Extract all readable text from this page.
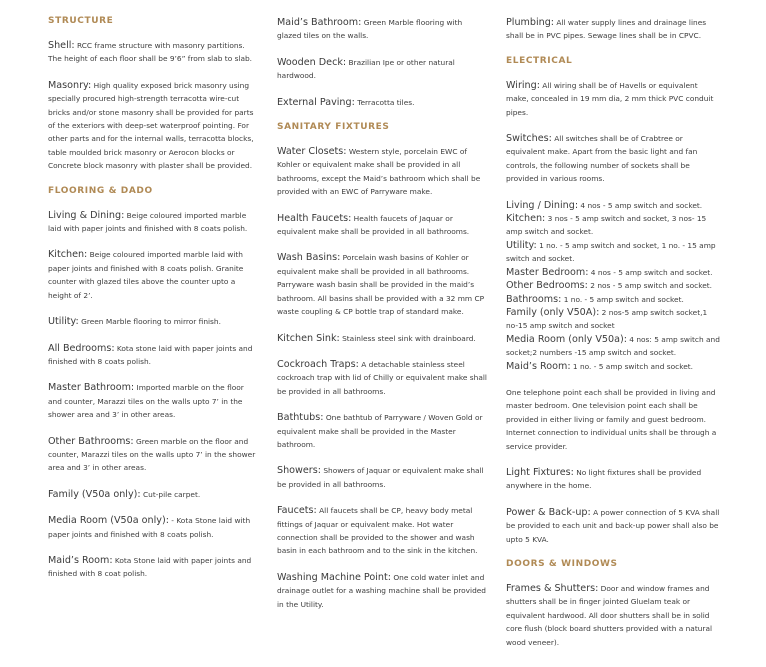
STRUCTURE
Shell: RCC frame structure with masonry partitions. The height of each floor shall be 9’6” from slab to slab.
Masonry: High quality exposed brick masonry using specially procured high-strength terracotta wire-cut bricks and/or stone masonry shall be provided for parts of the exteriors with deep-set waterproof pointing. For other parts and for the internal walls, terracotta blocks, table moulded brick masonry or Aerocon blocks or Concrete block masonry with plaster shall be provided.
FLOORING & DADO
Living & Dining: Beige coloured imported marble laid with paper joints and finished with 8 coats polish.
Kitchen: Beige coloured imported marble laid with paper joints and finished with 8 coats polish. Granite counter with glazed tiles above the counter upto a height of 2’.
Utility: Green Marble flooring to mirror finish.
All Bedrooms: Kota stone laid with paper joints and finished with 8 coats polish.
Master Bathroom: Imported marble on the floor and counter, Marazzi tiles on the walls upto 7’ in the shower area and 3’ in other areas.
Other Bathrooms: Green marble on the floor and counter, Marazzi tiles on the walls upto 7’ in the shower area and 3’ in other areas.
Family (V50a only): Cut-pile carpet.
Media Room (V50a only): - Kota Stone laid with paper joints and finished with 8 coats polish.
Maid’s Room: Kota Stone laid with paper joints and finished with 8 coat polish.
Maid’s Bathroom: Green Marble flooring with glazed tiles on the walls.
Wooden Deck: Brazilian Ipe or other natural hardwood.
External Paving: Terracotta tiles.
SANITARY FIXTURES
Water Closets: Western style, porcelain EWC of Kohler or equivalent make shall be provided in all bathrooms, except the Maid’s bathroom which shall be provided with an EWC of Parryware make.
Health Faucets: Health faucets of Jaquar or equivalent make shall be provided in all bathrooms.
Wash Basins: Porcelain wash basins of Kohler or equivalent make shall be provided in all bathrooms. Parryware wash basin shall be provided in the maid’s bathroom. All basins shall be provided with a 32 mm CP waste coupling & CP bottle trap of standard make.
Kitchen Sink: Stainless steel sink with drainboard.
Cockroach Traps: A detachable stainless steel cockroach trap with lid of Chilly or equivalent make shall be provided in all bathrooms.
Bathtubs: One bathtub of Parryware / Woven Gold or equivalent make shall be provided in the Master bathroom.
Showers: Showers of Jaquar or equivalent make shall be provided in all bathrooms.
Faucets: All faucets shall be CP, heavy body metal fittings of Jaquar or equivalent make. Hot water connection shall be provided to the shower and wash basin in each bathroom and to the sink in the kitchen.
Washing Machine Point: One cold water inlet and drainage outlet for a washing machine shall be provided in the Utility.
Plumbing: All water supply lines and drainage lines shall be in PVC pipes. Sewage lines shall be in CPVC.
ELECTRICAL
Wiring: All wiring shall be of Havells or equivalent make, concealed in 19 mm dia, 2 mm thick PVC conduit pipes.
Switches: All switches shall be of Crabtree or equivalent make. Apart from the basic light and fan controls, the following number of sockets shall be provided in various rooms.
Living / Dining: 4 nos - 5 amp switch and socket.
Kitchen: 3 nos - 5 amp switch and socket, 3 nos- 15 amp switch and socket.
Utility: 1 no. - 5 amp switch and socket, 1 no. - 15 amp switch and socket.
Master Bedroom: 4 nos - 5 amp switch and socket.
Other Bedrooms: 2 nos - 5 amp switch and socket.
Bathrooms: 1 no. - 5 amp switch and socket.
Family (only V50A): 2 nos-5 amp switch socket,1 no-15 amp switch and socket
Media Room (only V50a): 4 nos: 5 amp switch and socket;2 numbers -15 amp switch and socket.
Maid’s Room: 1 no. - 5 amp switch and socket.
One telephone point each shall be provided in living and master bedroom. One television point each shall be provided in either living or family and guest bedroom. Internet connection to individual units shall be through a service provider.
Light Fixtures: No light fixtures shall be provided anywhere in the home.
Power & Back-up: A power connection of 5 KVA shall be provided to each unit and back-up power shall also be upto 5 KVA.
DOORS & WINDOWS
Frames & Shutters: Door and window frames and shutters shall be in finger jointed Gluelam teak or equivalent hardwood. All door shutters shall be in solid core flush (block board shutters provided with a natural wood veneer).
